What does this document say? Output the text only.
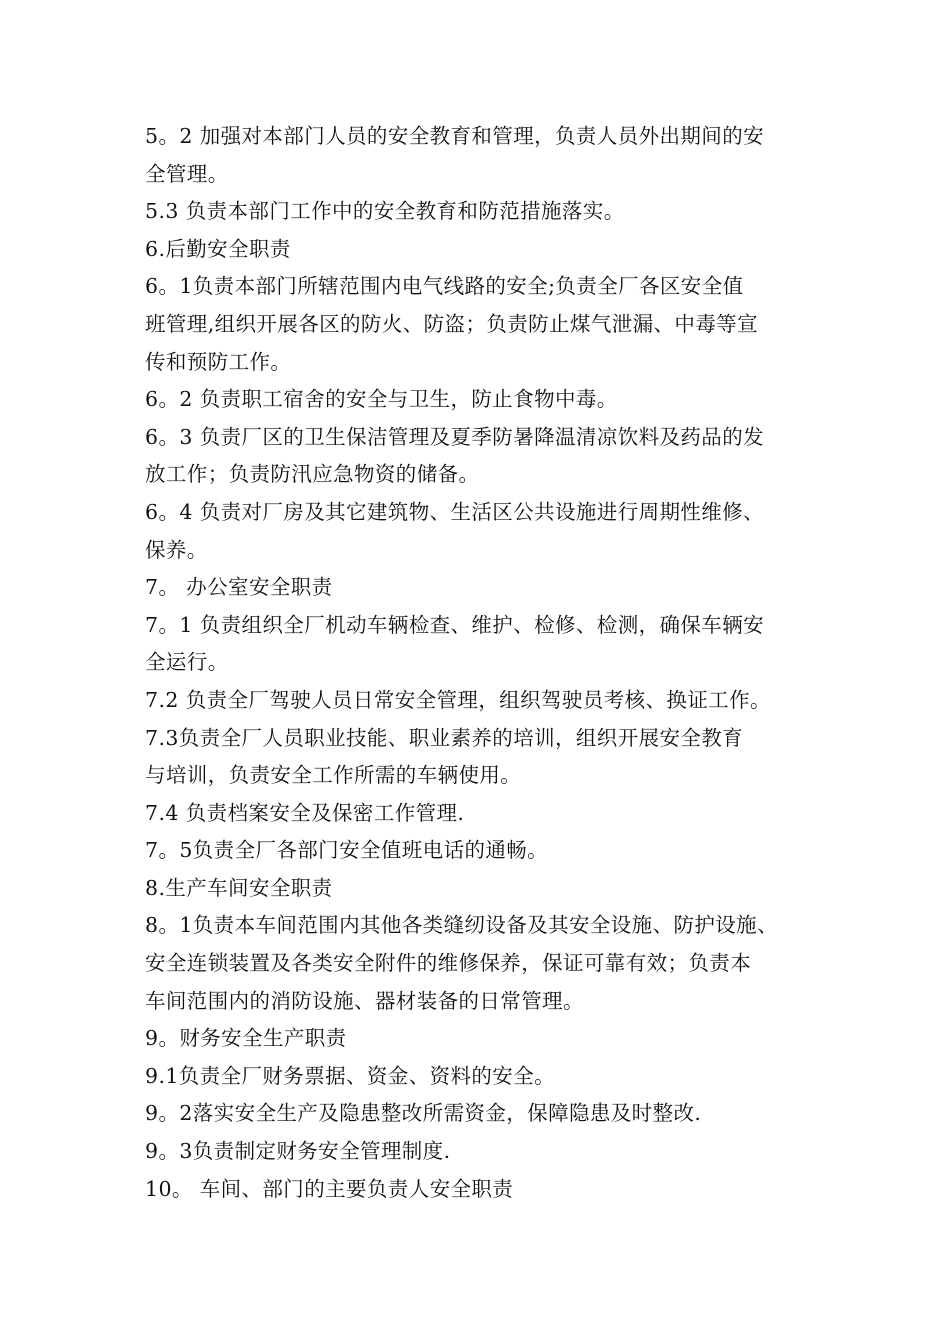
5。2 加强对本部门人员的安全教育和管理，负责人员外出期间的安
全管理。
5.3 负责本部门工作中的安全教育和防范措施落实。
6.后勤安全职责
6。1负责本部门所辖范围内电气线路的安全;负责全厂各区安全值
班管理,组织开展各区的防火、防盗；负责防止煤气泄漏、中毒等宣
传和预防工作。
6。2 负责职工宿舍的安全与卫生，防止食物中毒。
6。3 负责厂区的卫生保洁管理及夏季防暑降温清凉饮料及药品的发
放工作；负责防汛应急物资的储备。
6。4 负责对厂房及其它建筑物、生活区公共设施进行周期性维修、
保养。
7。 办公室安全职责
7。1 负责组织全厂机动车辆检查、维护、检修、检测，确保车辆安
全运行。
7.2 负责全厂驾驶人员日常安全管理，组织驾驶员考核、换证工作。
7.3负责全厂人员职业技能、职业素养的培训，组织开展安全教育
与培训，负责安全工作所需的车辆使用。
7.4 负责档案安全及保密工作管理.
7。5负责全厂各部门安全值班电话的通畅。
8.生产车间安全职责
8。1负责本车间范围内其他各类缝纫设备及其安全设施、防护设施、
安全连锁装置及各类安全附件的维修保养，保证可靠有效；负责本
车间范围内的消防设施、器材装备的日常管理。
9。财务安全生产职责
9.1负责全厂财务票据、资金、资料的安全。
9。2落实安全生产及隐患整改所需资金，保障隐患及时整改.
9。3负责制定财务安全管理制度.
10。 车间、部门的主要负责人安全职责
